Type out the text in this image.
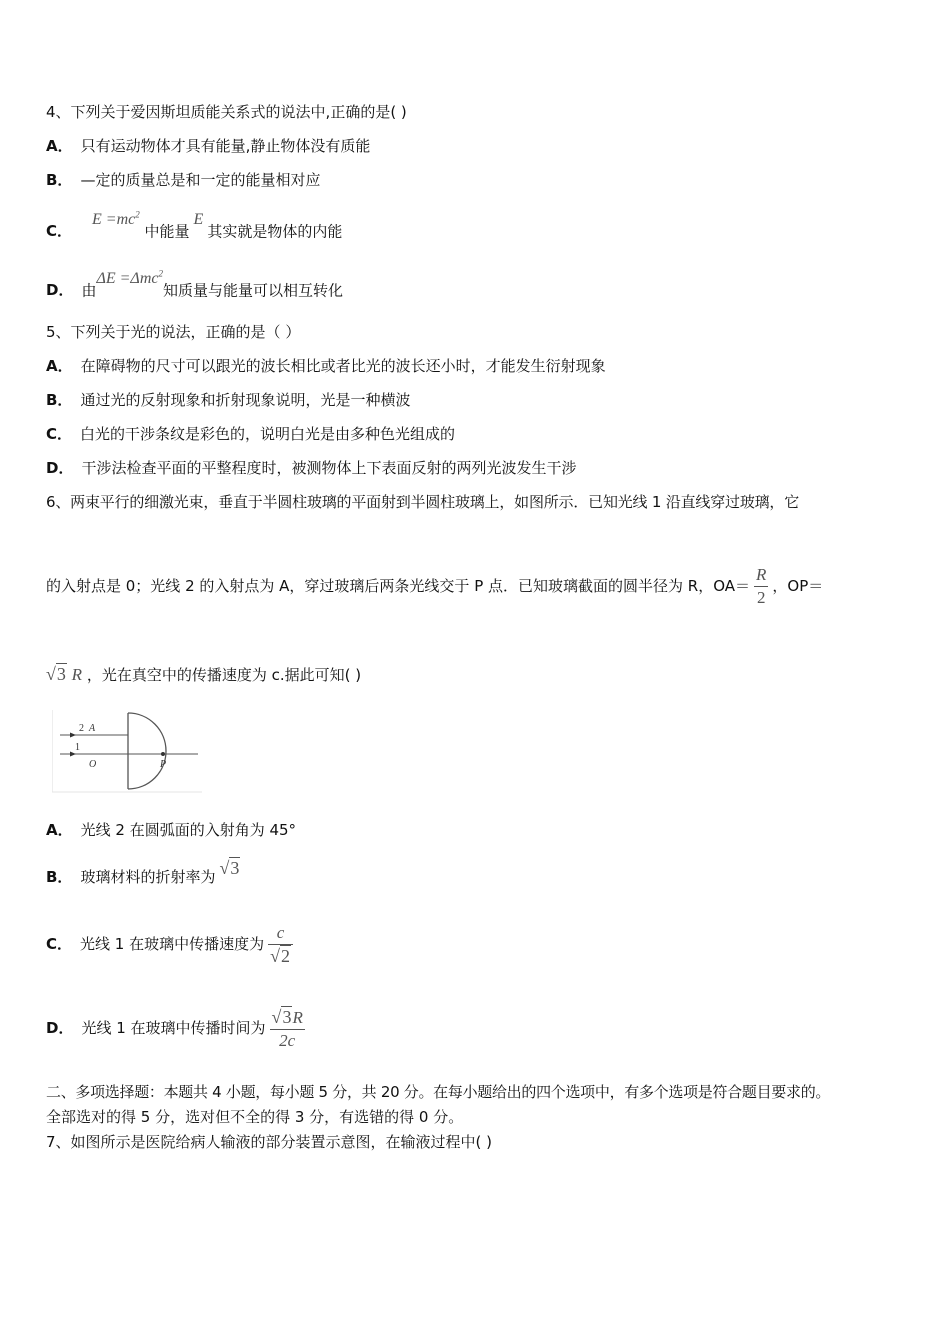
4、下列关于爱因斯坦质能关系式的说法中,正确的是( )
A． 只有运动物体才具有能量,静止物体没有质能
B． —定的质量总是和一定的能量相对应
C．$E =mc^2$ 中能量E其实就是物体的内能
D． 由ΔE =Δmc$^2$知质量与能量可以相互转化
5、下列关于光的说法，正确的是（ ）
A． 在障碍物的尺寸可以跟光的波长相比或者比光的波长还小时，才能发生衍射现象
B． 通过光的反射现象和折射现象说明，光是一种横波
C． 白光的干涉条纹是彩色的，说明白光是由多种色光组成的
D． 干涉法检查平面的平整程度时，被测物体上下表面反射的两列光波发生干涉
6、两束平行的细激光束，垂直于半圆柱玻璃的平面射到半圆柱玻璃上，如图所示．已知光线 1 沿直线穿过玻璃，它
的入射点是 0；光线 2 的入射点为 A，穿过玻璃后两条光线交于 P 点．已知玻璃截面的圆半径为 R，$OA= \frac{R}{2}$ ，OP＝
√3 R ，光在真空中的传播速度为 c.据此可知( )
2 A
1
O	P
A． 光线 2 在圆弧面的入射角为 45°
B． 玻璃材料的折射率为 √3
C． 光线 1 在玻璃中传播速度为 $\frac{c}{√2}$
D． 光线 1 在玻璃中传播时间为 $\frac{√3R}{2c}$
二、多项选择题：本题共 4 小题，每小题 5 分，共 20 分。在每小题给出的四个选项中，有多个选项是符合题目要求的。
全部选对的得 5 分，选对但不全的得 3 分，有选错的得 0 分。
7、如图所示是医院给病人输液的部分装置示意图，在输液过程中( )
